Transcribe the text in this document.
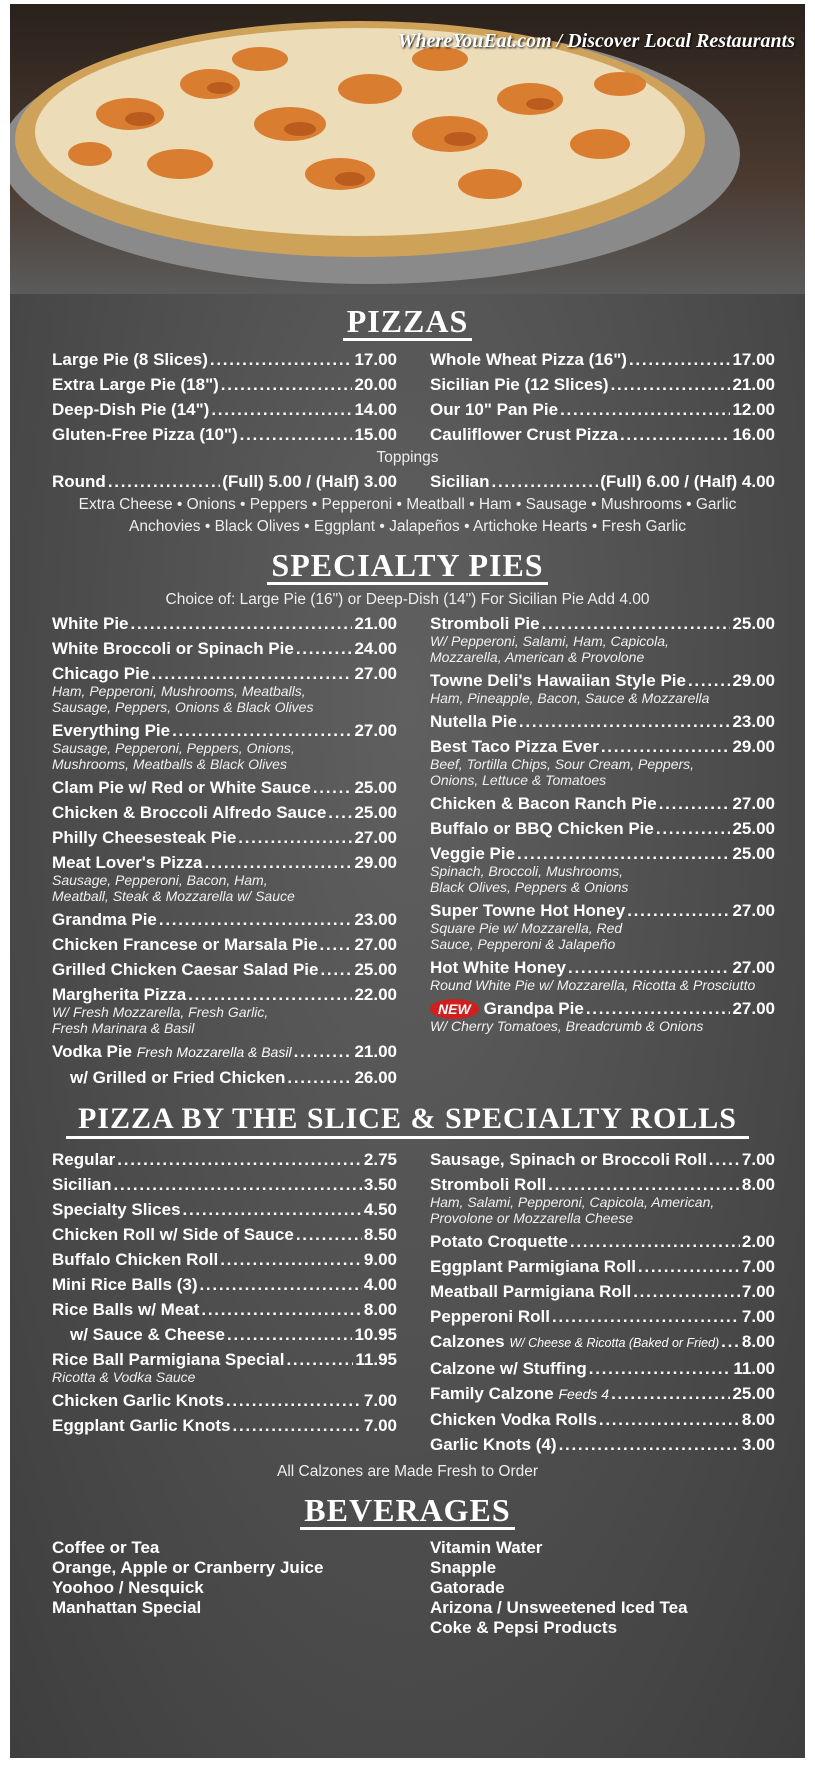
WhereYouEat.com / Discover Local Restaurants
PIZZAS
Large Pie (8 Slices) . . .	17.00
Extra Large Pie (18") . . .	20.00
Deep-Dish Pie (14") . . .	14.00
Gluten-Free Pizza (10") . . .	15.00
Whole Wheat Pizza (16") . . .	17.00
Sicilian Pie (12 Slices) . . .	21.00
Our 10" Pan Pie . . .	12.00
Cauliflower Crust Pizza . . .	16.00
Toppings
Round . . .	(Full) 5.00 / (Half) 3.00 Sicilian . . .	(Full) 6.00 / (Half) 4.00
Extra Cheese • Onions • Peppers • Pepperoni • Meatball • Ham • Sausage • Mushrooms • Garlic
Anchovies • Black Olives • Eggplant • Jalapeños • Artichoke Hearts • Fresh Garlic
SPECIALTY PIES
Choice of: Large Pie (16") or Deep-Dish (14") For Sicilian Pie Add 4.00
White Pie . . .	21.00
White Broccoli or Spinach Pie . . .	24.00
Chicago Pie . . .	27.00
Ham, Pepperoni, Mushrooms, Meatballs,
Sausage, Peppers, Onions & Black Olives
Everything Pie . . .	27.00
Sausage, Pepperoni, Peppers, Onions,
Mushrooms, Meatballs & Black Olives
Clam Pie w/ Red or White Sauce . . .	25.00
Chicken & Broccoli Alfredo Sauce . . . 25.00
Philly Cheesesteak Pie . . .	27.00
Meat Lover's Pizza . . .	29.00
Sausage, Pepperoni, Bacon, Ham,
Meatball, Steak & Mozzarella w/ Sauce
Grandma Pie . . .	23.00
Chicken Francese or Marsala Pie . . . 27.00
Grilled Chicken Caesar Salad Pie . . . 25.00
Margherita Pizza . . .	22.00
W/ Fresh Mozzarella, Fresh Garlic,
Fresh Marinara & Basil
Vodka Pie Fresh Mozzarella & Basil . . .	21.00
w/ Grilled or Fried Chicken . . .	26.00
Stromboli Pie . . .	25.00
W/ Pepperoni, Salami, Ham, Capicola,
Mozzarella, American & Provolone
Towne Deli's Hawaiian Style Pie . . .	29.00
Ham, Pineapple, Bacon, Sauce & Mozzarella
Nutella Pie . . .	23.00
Best Taco Pizza Ever . . .	29.00
Beef, Tortilla Chips, Sour Cream, Peppers,
Onions, Lettuce & Tomatoes
Chicken & Bacon Ranch Pie . . .	27.00
Buffalo or BBQ Chicken Pie . . .	25.00
Veggie Pie . . .	25.00
Spinach, Broccoli, Mushrooms,
Black Olives, Peppers & Onions
Super Towne Hot Honey . . .	27.00
Square Pie w/ Mozzarella, Red
Sauce, Pepperoni & Jalapeño
Hot White Honey . . .	27.00
Round White Pie w/ Mozzarella, Ricotta & Prosciutto
NEW Grandpa Pie . . .	27.00
W/ Cherry Tomatoes, Breadcrumb & Onions
PIZZA BY THE SLICE & SPECIALTY ROLLS
Regular . . .	2.75
Sicilian . . .	3.50
Specialty Slices . . .	4.50
Chicken Roll w/ Side of Sauce . . .	8.50
Buffalo Chicken Roll . . .	9.00
Mini Rice Balls (3) . . .	4.00
Rice Balls w/ Meat . . .	8.00
w/ Sauce & Cheese . . .	10.95
Rice Ball Parmigiana Special . . .	11.95
Ricotta & Vodka Sauce
Chicken Garlic Knots . . .	7.00
Eggplant Garlic Knots . . .	7.00
Sausage, Spinach or Broccoli Roll . . . 7.00
Stromboli Roll . . .	8.00
Ham, Salami, Pepperoni, Capicola, American,
Provolone or Mozzarella Cheese
Potato Croquette . . .	2.00
Eggplant Parmigiana Roll . . .	7.00
Meatball Parmigiana Roll . . .	7.00
Pepperoni Roll . . .	7.00
Calzones W/ Cheese & Ricotta (Baked or Fried) . . . 8.00
Calzone w/ Stuffing . . .	11.00
Family Calzone Feeds 4 . . .	25.00
Chicken Vodka Rolls . . .	8.00
Garlic Knots (4) . . .	3.00
All Calzones are Made Fresh to Order
BEVERAGES
Coffee or Tea
Orange, Apple or Cranberry Juice
Yoohoo / Nesquick
Manhattan Special
Vitamin Water
Snapple
Gatorade
Arizona / Unsweetened Iced Tea
Coke & Pepsi Products
